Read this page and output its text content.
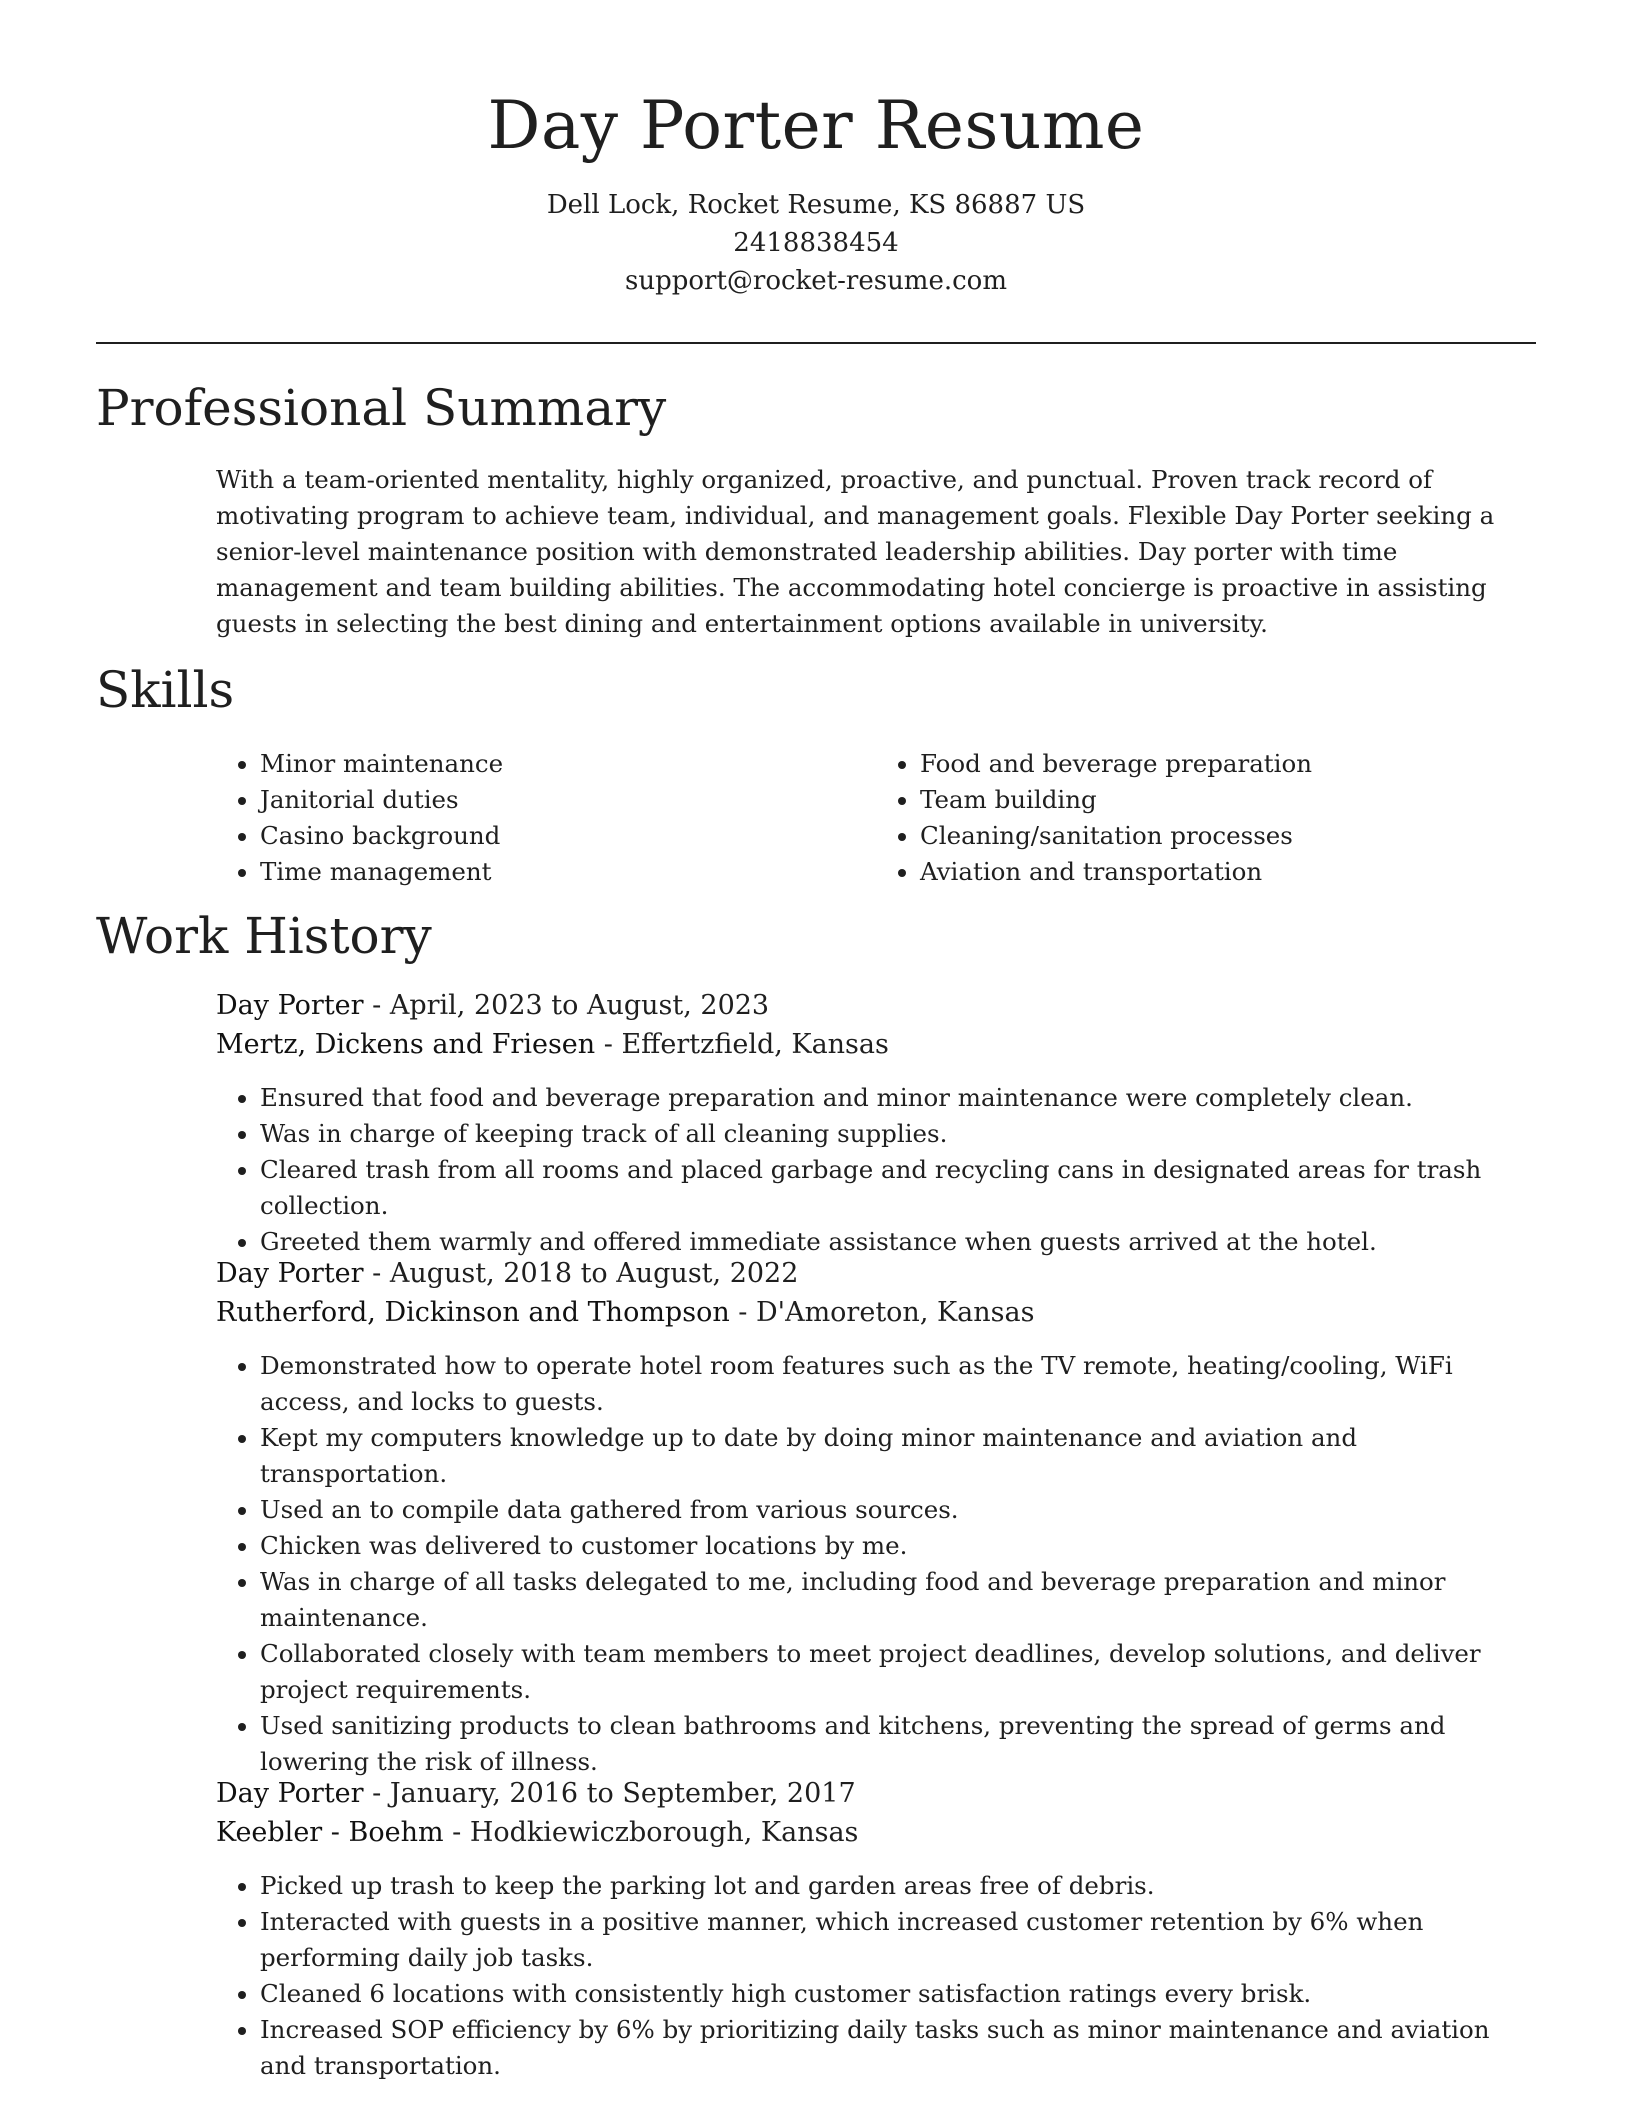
Day Porter Resume
Dell Lock, Rocket Resume, KS 86887 US
2418838454
support@rocket-resume.com
Professional Summary
With a team-oriented mentality, highly organized, proactive, and punctual. Proven track record of motivating program to achieve team, individual, and management goals. Flexible Day Porter seeking a senior-level maintenance position with demonstrated leadership abilities. Day porter with time management and team building abilities. The accommodating hotel concierge is proactive in assisting guests in selecting the best dining and entertainment options available in university.
Skills
• Minor maintenance
• Janitorial duties
• Casino background
• Time management
• Food and beverage preparation
• Team building
• Cleaning/sanitation processes
• Aviation and transportation
Work History
Day Porter - April, 2023 to August, 2023
Mertz, Dickens and Friesen - Effertzfield, Kansas
• Ensured that food and beverage preparation and minor maintenance were completely clean.
• Was in charge of keeping track of all cleaning supplies.
• Cleared trash from all rooms and placed garbage and recycling cans in designated areas for trash collection.
• Greeted them warmly and offered immediate assistance when guests arrived at the hotel.
Day Porter - August, 2018 to August, 2022
Rutherford, Dickinson and Thompson - D'Amoreton, Kansas
• Demonstrated how to operate hotel room features such as the TV remote, heating/cooling, WiFi access, and locks to guests.
• Kept my computers knowledge up to date by doing minor maintenance and aviation and transportation.
• Used an to compile data gathered from various sources.
• Chicken was delivered to customer locations by me.
• Was in charge of all tasks delegated to me, including food and beverage preparation and minor maintenance.
• Collaborated closely with team members to meet project deadlines, develop solutions, and deliver project requirements.
• Used sanitizing products to clean bathrooms and kitchens, preventing the spread of germs and lowering the risk of illness.
Day Porter - January, 2016 to September, 2017
Keebler - Boehm - Hodkiewiczborough, Kansas
• Picked up trash to keep the parking lot and garden areas free of debris.
• Interacted with guests in a positive manner, which increased customer retention by 6% when performing daily job tasks.
• Cleaned 6 locations with consistently high customer satisfaction ratings every brisk.
• Increased SOP efficiency by 6% by prioritizing daily tasks such as minor maintenance and aviation and transportation.
